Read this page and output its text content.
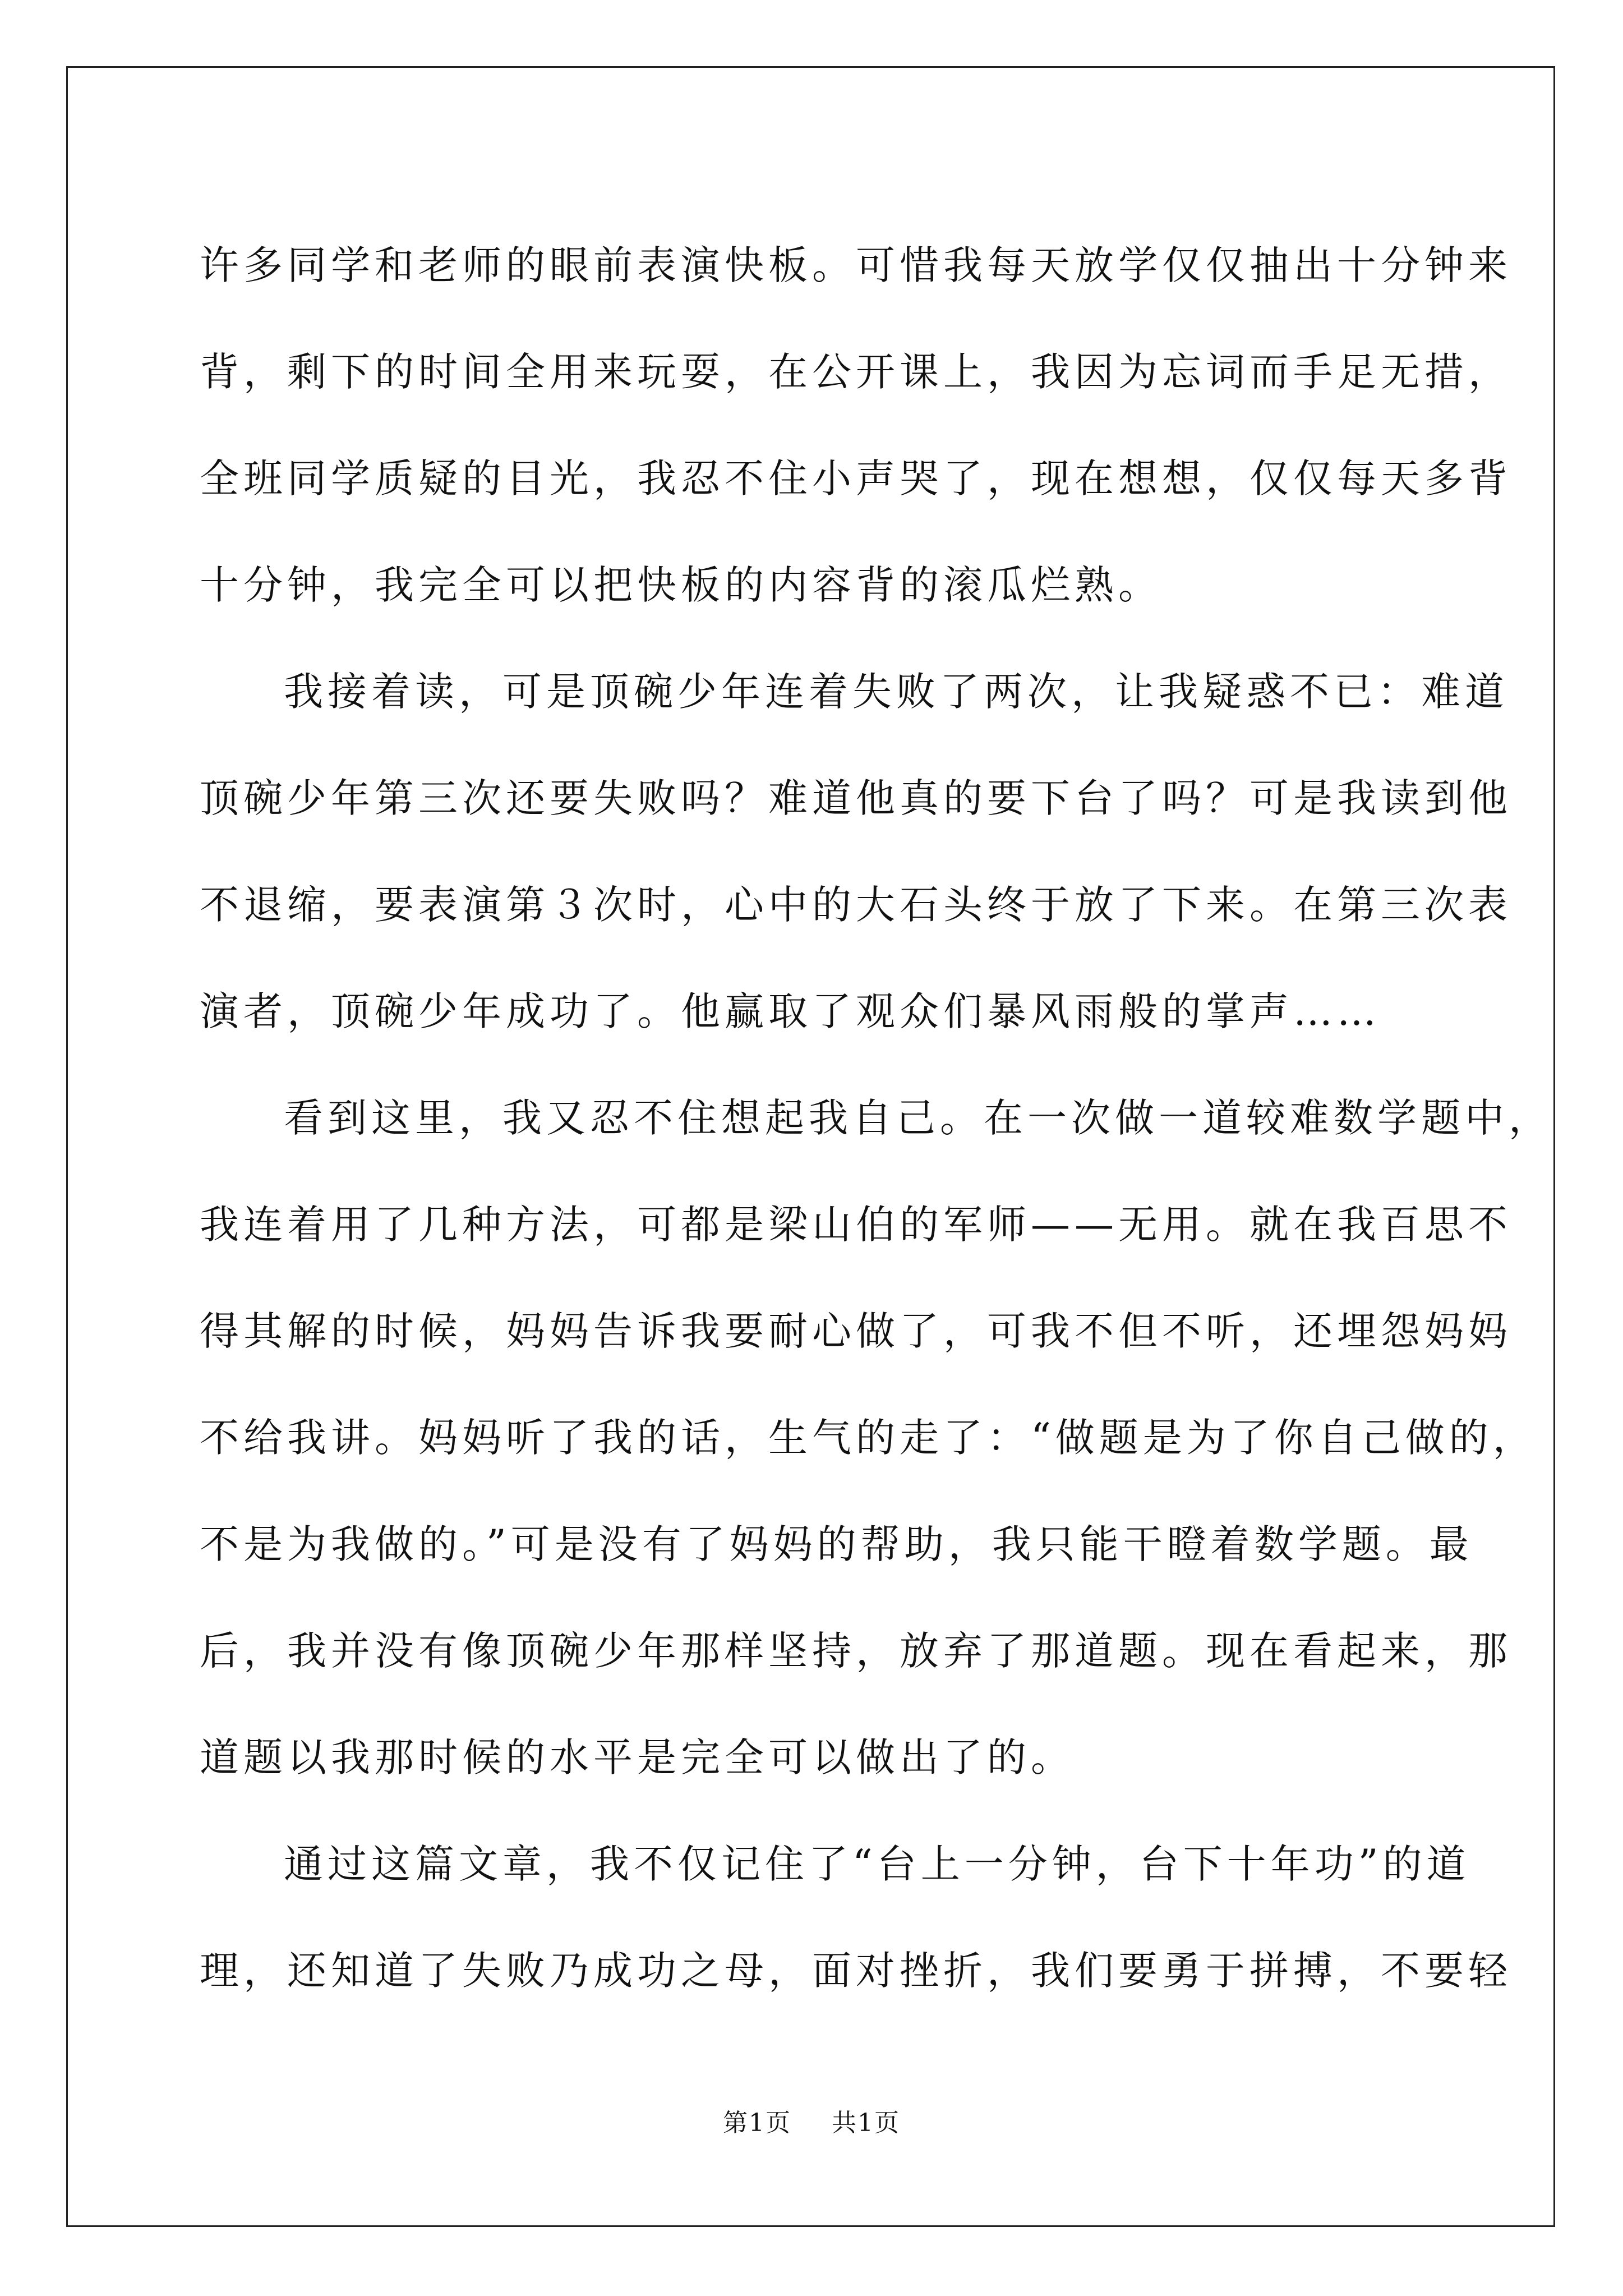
许多同学和老师的眼前表演快板。可惜我每天放学仅仅抽出十分钟来
背，剩下的时间全用来玩耍，在公开课上，我因为忘词而手足无措，
全班同学质疑的目光，我忍不住小声哭了，现在想想，仅仅每天多背
十分钟，我完全可以把快板的内容背的滚瓜烂熟。
我接着读，可是顶碗少年连着失败了两次，让我疑惑不已：难道
顶碗少年第三次还要失败吗？难道他真的要下台了吗？可是我读到他
不退缩，要表演第３次时，心中的大石头终于放了下来。在第三次表
演者，顶碗少年成功了。他赢取了观众们暴风雨般的掌声……
看到这里，我又忍不住想起我自己。在一次做一道较难数学题中，
我连着用了几种方法，可都是梁山伯的军师——无用。就在我百思不
得其解的时候，妈妈告诉我要耐心做了，可我不但不听，还埋怨妈妈
不给我讲。妈妈听了我的话，生气的走了：“做题是为了你自己做的，
不是为我做的。”可是没有了妈妈的帮助，我只能干瞪着数学题。最
后，我并没有像顶碗少年那样坚持，放弃了那道题。现在看起来，那
道题以我那时候的水平是完全可以做出了的。
通过这篇文章，我不仅记住了“台上一分钟，台下十年功”的道
理，还知道了失败乃成功之母，面对挫折，我们要勇于拼搏，不要轻
第1页 共1页
